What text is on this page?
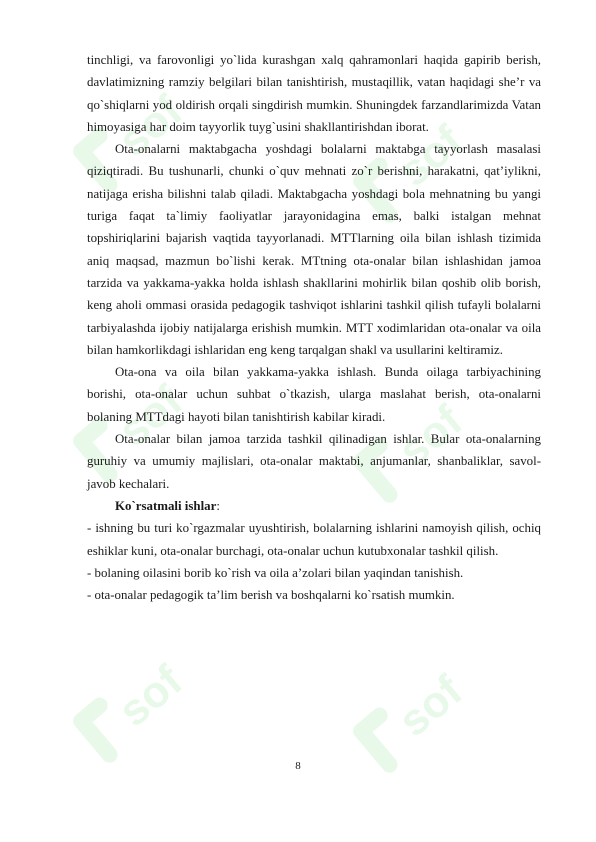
sof	sof
sof	sof
sof	sof

tinchligi, va farovonligi yo`lida kurashgan xalq qahramonlari haqida gapirib berish, davlatimizning ramziy belgilari bilan tanishtirish, mustaqillik, vatan haqidagi she’r va qo`shiqlarni yod oldirish orqali singdirish mumkin. Shuningdek farzandlarimizda Vatan himoyasiga har doim tayyorlik tuyg`usini shakllantirishdan iborat.

Ota-onalarni maktabgacha yoshdagi bolalarni maktabga tayyorlash masalasi qiziqtiradi. Bu tushunarli, chunki o`quv mehnati zo`r berishni, harakatni, qat’iylikni, natijaga erisha bilishni talab qiladi. Maktabgacha yoshdagi bola mehnatning bu yangi turiga faqat ta`limiy faoliyatlar jarayonidagina emas, balki istalgan mehnat topshiriqlarini bajarish vaqtida tayyorlanadi. MTTlarning oila bilan ishlash tizimida aniq maqsad, mazmun bo`lishi kerak. MTtning ota-onalar bilan ishlashidan jamoa tarzida va yakkama-yakka holda ishlash shakllarini mohirlik bilan qoshib olib borish, keng aholi ommasi orasida pedagogik tashviqot ishlarini tashkil qilish tufayli bolalarni tarbiyalashda ijobiy natijalarga erishish mumkin. MTT xodimlaridan ota-onalar va oila bilan hamkorlikdagi ishlaridan eng keng tarqalgan shakl va usullarini keltiramiz.

Ota-ona va oila bilan yakkama-yakka ishlash. Bunda oilaga tarbiyachining borishi, ota-onalar uchun suhbat o`tkazish, ularga maslahat berish, ota-onalarni bolaning MTTdagi hayoti bilan tanishtirish kabilar kiradi.

Ota-onalar bilan jamoa tarzida tashkil qilinadigan ishlar. Bular ota-onalarning guruhiy va umumiy majlislari, ota-onalar maktabi, anjumanlar, shanbaliklar, savol-javob kechalari.

Ko`rsatmali ishlar:

- ishning bu turi ko`rgazmalar uyushtirish, bolalarning ishlarini namoyish qilish, ochiq eshiklar kuni, ota-onalar burchagi, ota-onalar uchun kutubxonalar tashkil qilish.
- bolaning oilasini borib ko`rish va oila a’zolari bilan yaqindan tanishish.
- ota-onalar pedagogik ta’lim berish va boshqalarni ko`rsatish mumkin.
8
